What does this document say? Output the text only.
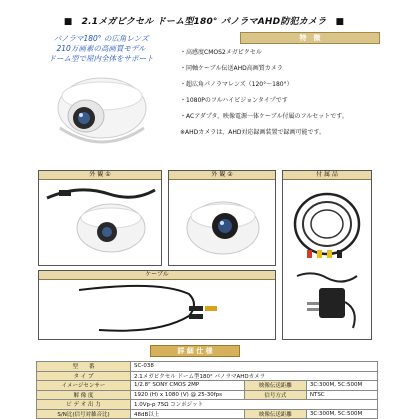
■　2.1メガピクセル ドーム型180° パノラマAHD防犯カメラ　■
パノラマ180° の広角レンズ
210万画素の高画質モデル
ドーム型で屋内全体をサポート
特　徴
・高感度CMOS2メガピクセル
・同軸ケーブル伝送AHD高画質カメラ
・超広角パノラマレンズ（120°～180°）
・1080Pのフルハイビジョンタイプです
・ACアダプタ、映像電源一体ケーブル付属のフルセットです。
※AHDカメラは、AHD対応録画装置で録画可能です。
外 観 ①	外 観 ②	付 属 品
ケーブル
詳 細 仕 様
型　　番	SC-038		
タ イ プ	2.1メガピクセル ドーム型180° パノラマAHDカメラ		
イメージセンサー	1/2.8" SONY CMOS 2MP	映像伝送距離	3C:300M, 5C:500M
解 像 度	1920 (H) x 1080 (V) @ 25-30fps	信号方式	NTSC
ビ デ オ 出 力	1.0Vp-p 75Ω コンポジット		
S/N比(信号対雑音比)	48dB以上	映像伝送距離	3C:300M, 5C:500M
